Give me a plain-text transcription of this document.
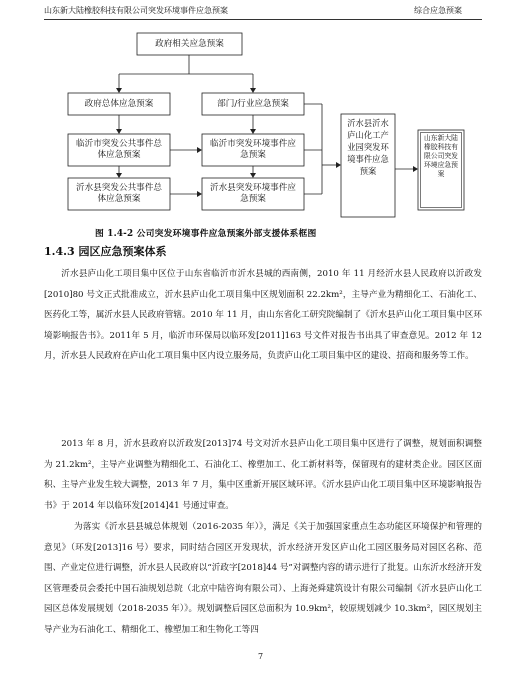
山东新大陆橡胶科技有限公司突发环境事件应急预案	综合应急预案
政府相关应急预案
政府总体应急预案
临沂市突发公共事件总体应急预案
沂水县突发公共事件总体应急预案
部门/行业应急预案
临沂市突发环境事件应急预案
沂水县突发环境事件应急预案
沂水县沂水庐山化工产业园突发环境事件应急预案
山东新大陆橡胶科技有限公司突发环境应急预案
图 1.4-2 公司突发环境事件应急预案外部支援体系框图
1.4.3 园区应急预案体系
沂水县庐山化工项目集中区位于山东省临沂市沂水县城的西南侧，2010 年 11 月经沂水县人民政府以沂政发[2010]80 号文正式批准成立，沂水县庐山化工项目集中区规划面积 22.2km²，主导产业为精细化工、石油化工、医药化工等，属沂水县人民政府管辖。2010 年 11 月，由山东省化工研究院编制了《沂水县庐山化工项目集中区环境影响报告书》。2011年 5 月，临沂市环保局以临环发[2011]163 号文件对报告书出具了审查意见。2012 年 12 月，沂水县人民政府在庐山化工项目集中区内设立服务局，负责庐山化工项目集中区的建设、招商和服务等工作。
2013 年 8 月，沂水县政府以沂政发[2013]74 号文对沂水县庐山化工项目集中区进行了调整，规划面积调整为 21.2km²，主导产业调整为精细化工、石油化工、橡塑加工、化工新材料等，保留现有的建材类企业。园区区面积、主导产业发生较大调整，2013 年 7 月，集中区重新开展区域环评。《沂水县庐山化工项目集中区环境影响报告书》于 2014 年以临环发[2014]41 号通过审查。
为落实《沂水县县城总体规划（2016-2035 年）》，满足《关于加强国家重点生态功能区环境保护和管理的意见》（环发[2013]16 号）要求，同时结合园区开发现状，沂水经济开发区庐山化工园区服务局对园区名称、范围、产业定位进行调整，沂水县人民政府以“沂政字[2018]44 号”对调整内容的请示进行了批复。山东沂水经济开发区管理委员会委托中国石油规划总院（北京中陆咨询有限公司）、上海尧舜建筑设计有限公司编制《沂水县庐山化工园区总体发展规划（2018-2035 年）》。规划调整后园区总面积为 10.9km²，较原规划减少 10.3km²，园区规划主导产业为石油化工、精细化工、橡塑加工和生物化工等四
7
